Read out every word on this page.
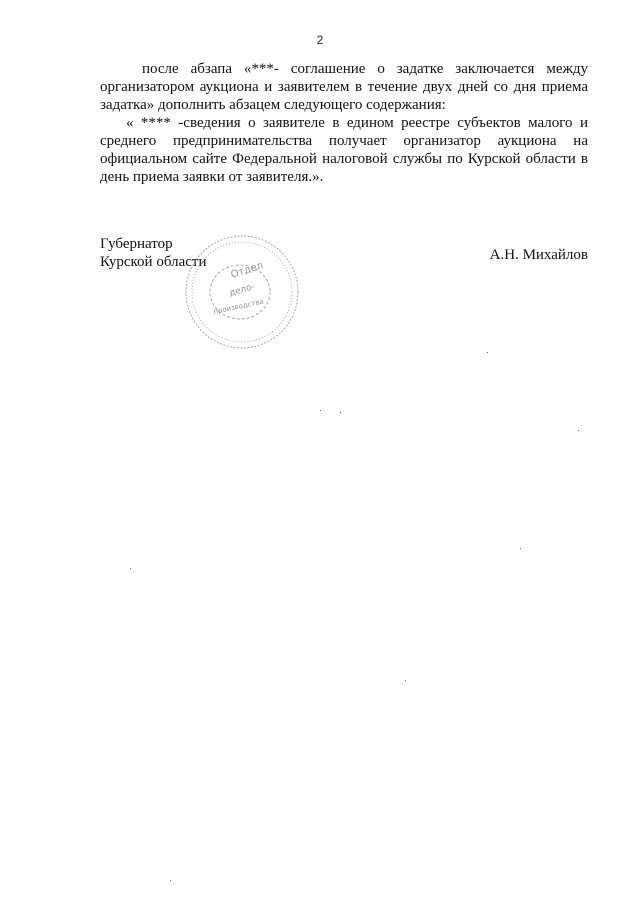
2

после абзапа «***- соглашение о задатке заключается между организатором аукциона и заявителем в течение двух дней со дня приема задатка» дополнить абзацем следующего содержания:

« **** -сведения о заявителе в едином реестре субъектов малого и среднего предпринимательства получает организатор аукциона на официальном сайте Федеральной налоговой службы по Курской области в день приема заявки от заявителя.».

Губернатор
Курской области	А.Н. Михайлов
Отдел
дело-
производства
